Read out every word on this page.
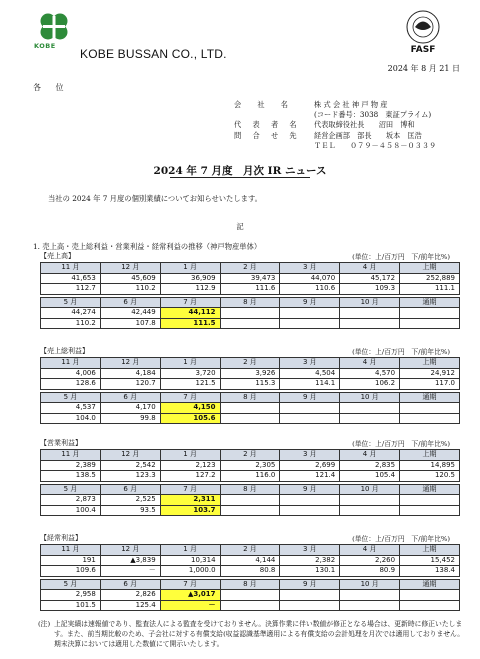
KOBE
KOBE BUSSAN CO., LTD.	FASF
2024 年 8 月 21 日
各 位
会　社　名	株 式 会 社 神 戸 物 産
(コード番号：3038　東証プライム)
代 表 者 名	代表取締役社長　　沼田　博和
問 合 せ 先	経営企画部　部長　　坂本　匡浩
ＴＥＬ　　０７９－４５８－０３３９
2024 年 7 月度　月次 IR ニュース
当社の 2024 年 7 月度の個別業績についてお知らせいたします。
記
1. 売上高・売上総利益・営業利益・経常利益の推移（神戸物産単体）
【売上高】	(単位：上/百万円　下/前年比%)
11 月	12 月	1 月	2 月	3 月	4 月	上期
41,653	45,609	36,909	39,473	44,070	45,172	252,889
112.7	110.2	112.9	111.6	110.6	109.3	111.1

5 月	6 月	7 月	8 月	9 月	10 月	通期
44,274	42,449	44,112				
110.2	107.8	111.5				
【売上総利益】	(単位：上/百万円　下/前年比%)
11 月	12 月	1 月	2 月	3 月	4 月	上期
4,006	4,184	3,720	3,926	4,504	4,570	24,912
128.6	120.7	121.5	115.3	114.1	106.2	117.0

5 月	6 月	7 月	8 月	9 月	10 月	通期
4,537	4,170	4,150				
104.0	99.8	105.6				
【営業利益】	(単位：上/百万円　下/前年比%)
11 月	12 月	1 月	2 月	3 月	4 月	上期
2,389	2,542	2,123	2,305	2,699	2,835	14,895
138.5	123.3	127.2	116.0	121.4	105.4	120.5

5 月	6 月	7 月	8 月	9 月	10 月	通期
2,873	2,525	2,311				
100.4	93.5	103.7				
【経常利益】	(単位：上/百万円　下/前年比%)
11 月	12 月	1 月	2 月	3 月	4 月	上期
191	▲3,839	10,314	4,144	2,382	2,260	15,452
109.6	－	1,000.0	80.8	130.1	80.9	138.4

5 月	6 月	7 月	8 月	9 月	10 月	通期
2,958	2,826	▲3,017				
101.5	125.4	－				
(注) 上記実績は速報値であり、監査法人による監査を受けておりません。決算作業に伴い数値が修正となる場合は、更新時に修正いたします。また、前当期比較のため、子会社に対する有償支給(収益認識基準適用による有償支給の会計処理を月次では適用しておりません。期末決算においては適用した数値にて開示いたします。
